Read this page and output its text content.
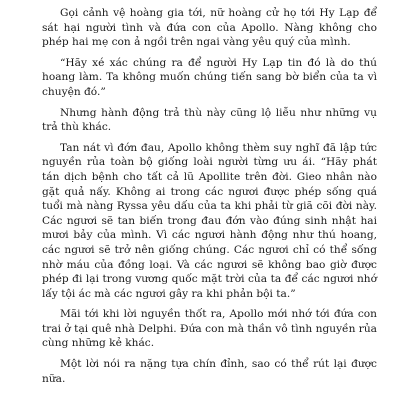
Gọi cảnh vệ hoàng gia tới, nữ hoàng cử họ tới Hy Lạp để sát hại người tình và đứa con của Apollo. Nàng không cho phép hai mẹ con ả ngồi trên ngai vàng yêu quý của mình.

“Hãy xé xác chúng ra để người Hy Lạp tin đó là do thú hoang làm. Ta không muốn chúng tiến sang bờ biển của ta vì chuyện đó.”

Nhưng hành động trả thù này cũng lộ liễu như những vụ trả thù khác.

Tan nát vì đớn đau, Apollo không thèm suy nghĩ đã lập tức nguyền rủa toàn bộ giống loài người từng ưu ái. “Hãy phát tán dịch bệnh cho tất cả lũ Apollite trên đời. Gieo nhân nào gặt quả nấy. Không ai trong các ngươi được phép sống quá tuổi mà nàng Ryssa yêu dấu của ta khi phải từ giã cõi đời này. Các ngươi sẽ tan biến trong đau đớn vào đúng sinh nhật hai mươi bảy của mình. Vì các ngươi hành động như thú hoang, các ngươi sẽ trở nên giống chúng. Các ngươi chỉ có thể sống nhờ máu của đồng loại. Và các ngươi sẽ không bao giờ được phép đi lại trong vương quốc mặt trời của ta để các ngươi nhớ lấy tội ác mà các ngươi gây ra khi phản bội ta.”

Mãi tới khi lời nguyền thốt ra, Apollo mới nhớ tới đứa con trai ở tại quê nhà Delphi. Đứa con mà thần vô tình nguyền rủa cùng những kẻ khác.

Một lời nói ra nặng tựa chín đỉnh, sao có thể rút lại được nữa.
